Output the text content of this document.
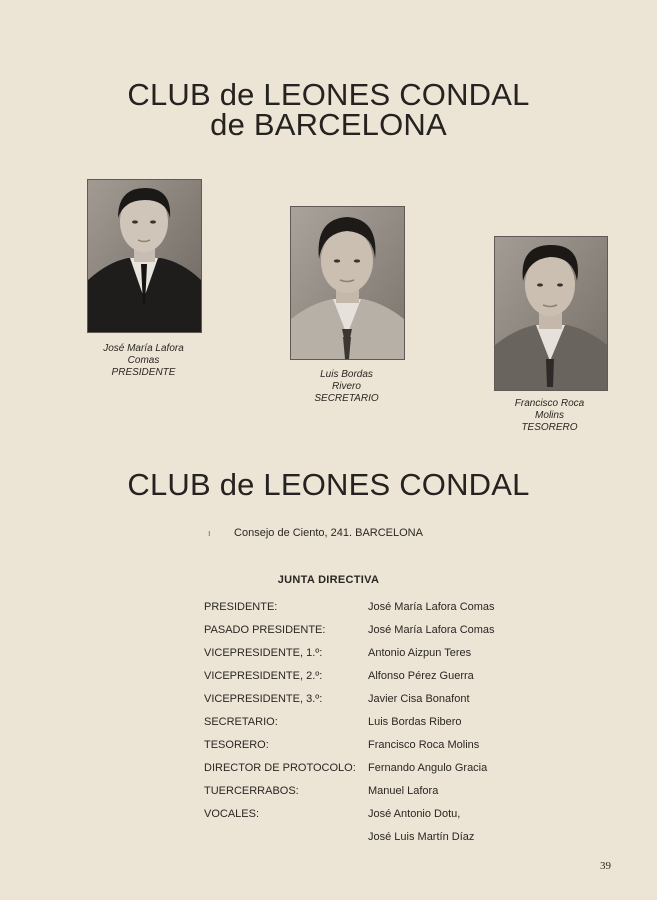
CLUB de LEONES CONDAL
de BARCELONA
José María Lafora
Comas
PRESIDENTE	Luis Bordas
Rivero
SECRETARIO	Francisco Roca
Molins
TESORERO
CLUB de LEONES CONDAL
ı	Consejo de Ciento, 241. BARCELONA
JUNTA DIRECTIVA
PRESIDENTE:	José María Lafora Comas
PASADO PRESIDENTE:	José María Lafora Comas
VICEPRESIDENTE, 1.º:	Antonio Aizpun Teres
VICEPRESIDENTE, 2.º:	Alfonso Pérez Guerra
VICEPRESIDENTE, 3.º:	Javier Cisa Bonafont
SECRETARIO:	Luis Bordas Ribero
TESORERO:	Francisco Roca Molins
DIRECTOR DE PROTOCOLO: Fernando Angulo Gracia
TUERCERRABOS:	Manuel Lafora
VOCALES:	José Antonio Dotu,
José Luis Martín Díaz
39
